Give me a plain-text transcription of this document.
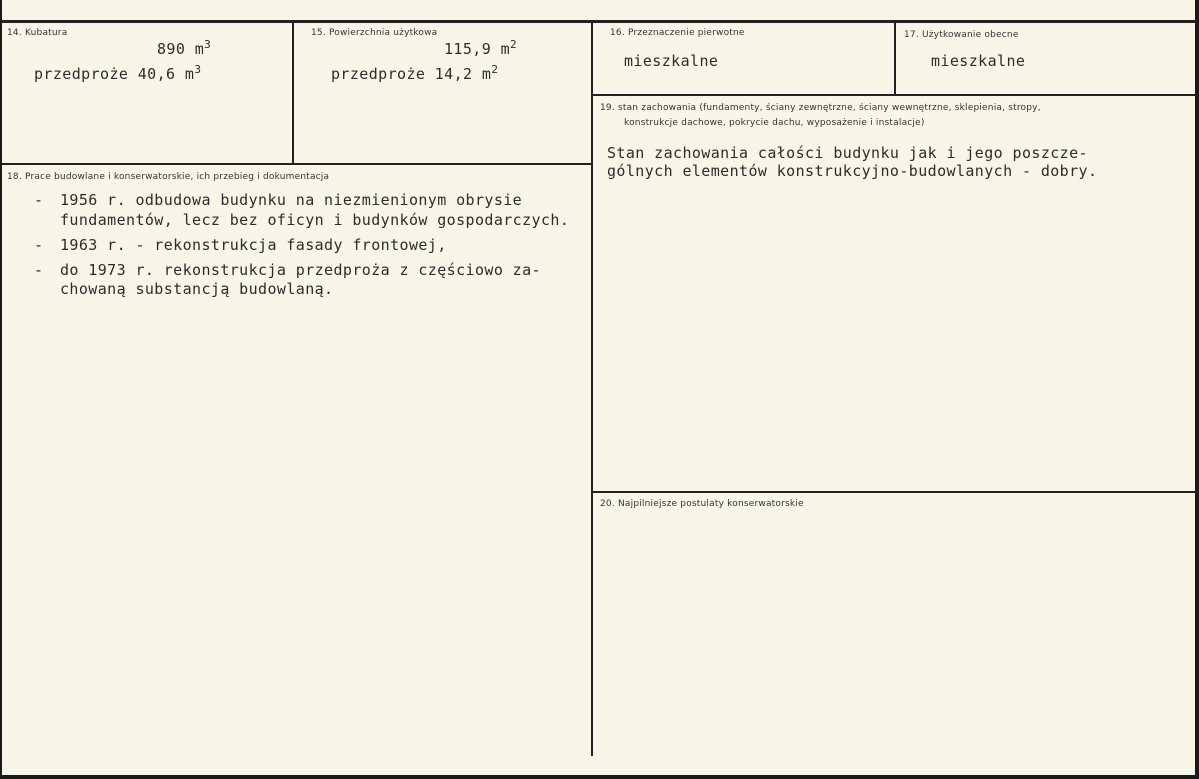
14. Kubatura
890 $m^3$
przedproże 40,6 $m^3$
15. Powierzchnia użytkowa
115,9 $m^2$
przedproże 14,2 $m^2$
16. Przeznaczenie pierwotne
mieszkalne
17. Użytkowanie obecne
mieszkalne
18. Prace budowlane i konserwatorskie, ich przebieg i dokumentacja
- 1956 r. odbudowa budynku na niezmienionym obrysie
fundamentów, lecz bez oficyn i budynków gospodarczych.
- 1963 r. - rekonstrukcja fasady frontowej,
- do 1973 r. rekonstrukcja przedproża z częściowo za-
chowaną substancją budowlaną.
19. stan zachowania (fundamenty, ściany zewnętrzne, ściany wewnętrzne, sklepienia, stropy,
konstrukcje dachowe, pokrycie dachu, wyposażenie i instalacje)
Stan zachowania całości budynku jak i jego poszcze-
gólnych elementów konstrukcyjno-budowlanych - dobry.
20. Najpilniejsze postulaty konserwatorskie
